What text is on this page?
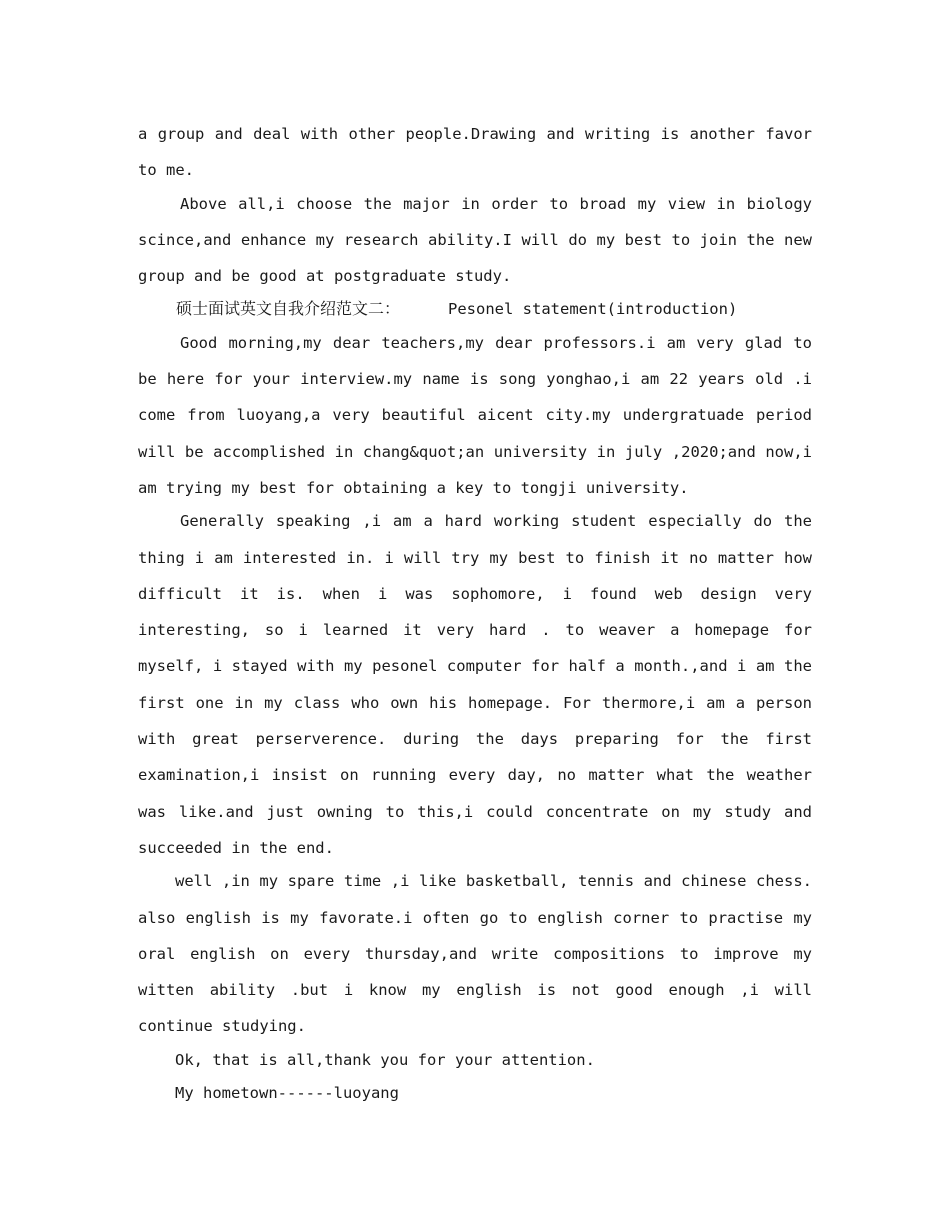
a group and deal with other people.Drawing and writing is another favor to me.

Above all,i choose the major in order to broad my view in biology scince,and enhance my research ability.I will do my best to join the new group and be good at postgraduate study.

硕士面试英文自我介绍范文二：	Pesonel statement(introduction)

Good morning,my dear teachers,my dear professors.i am very glad to be here for your interview.my name is song yonghao,i am 22 years old .i come from luoyang,a very beautiful aicent city.my undergratuade period will be accomplished in chang&quot;an university in july ,2020;and now,i am trying my best for obtaining a key to tongji university.

Generally speaking ,i am a hard working student especially do the thing i am interested in. i will try my best to finish it no matter how difficult it is. when i was sophomore, i found web design very interesting, so i learned it very hard . to weaver a homepage for myself, i stayed with my pesonel computer for half a month.,and i am the first one in my class who own his homepage. For thermore,i am a person with great perserverence. during the days preparing for the first examination,i insist on running every day, no matter what the weather was like.and just owning to this,i could concentrate on my study and succeeded in the end.

well ,in my spare time ,i like basketball, tennis and chinese chess. also english is my favorate.i often go to english corner to practise my oral english on every thursday,and write compositions to improve my witten ability .but i know my english is not good enough ,i will continue studying.

Ok, that is all,thank you for your attention.

My hometown------luoyang
